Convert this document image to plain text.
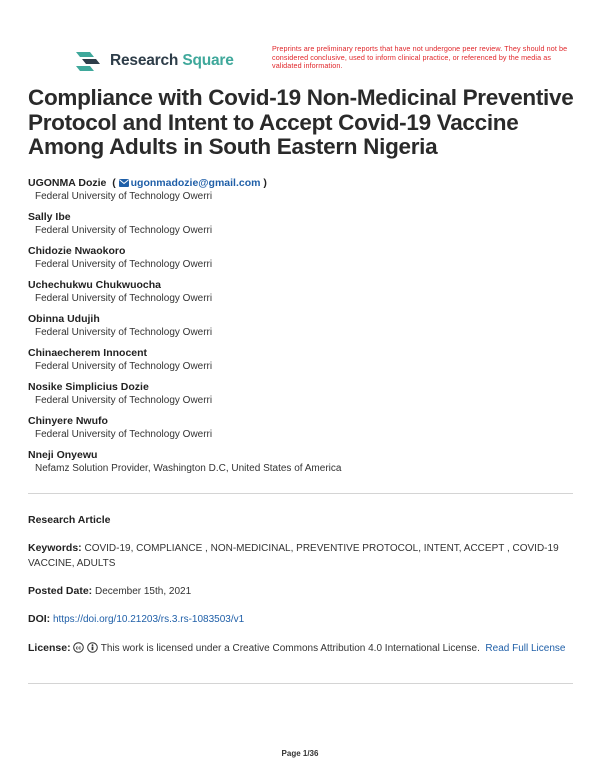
Research Square
Preprints are preliminary reports that have not undergone peer review. They should not be considered conclusive, used to inform clinical practice, or referenced by the media as validated information.
Compliance with Covid-19 Non-Medicinal Preventive Protocol and Intent to Accept Covid-19 Vaccine Among Adults in South Eastern Nigeria
UGONMA Dozie  ( ugonmadozie@gmail.com )
Federal University of Technology Owerri
Sally Ibe
Federal University of Technology Owerri
Chidozie Nwaokoro
Federal University of Technology Owerri
Uchechukwu Chukwuocha
Federal University of Technology Owerri
Obinna Udujih
Federal University of Technology Owerri
Chinaecherem Innocent
Federal University of Technology Owerri
Nosike Simplicius Dozie
Federal University of Technology Owerri
Chinyere Nwufo
Federal University of Technology Owerri
Nneji Onyewu
Nefamz Solution Provider, Washington D.C, United States of America
Research Article
Keywords: COVID-19, COMPLIANCE , NON-MEDICINAL, PREVENTIVE PROTOCOL, INTENT, ACCEPT , COVID-19 VACCINE, ADULTS
Posted Date: December 15th, 2021
DOI: https://doi.org/10.21203/rs.3.rs-1083503/v1
License: cc This work is licensed under a Creative Commons Attribution 4.0 International License. Read Full License
Page 1/36
